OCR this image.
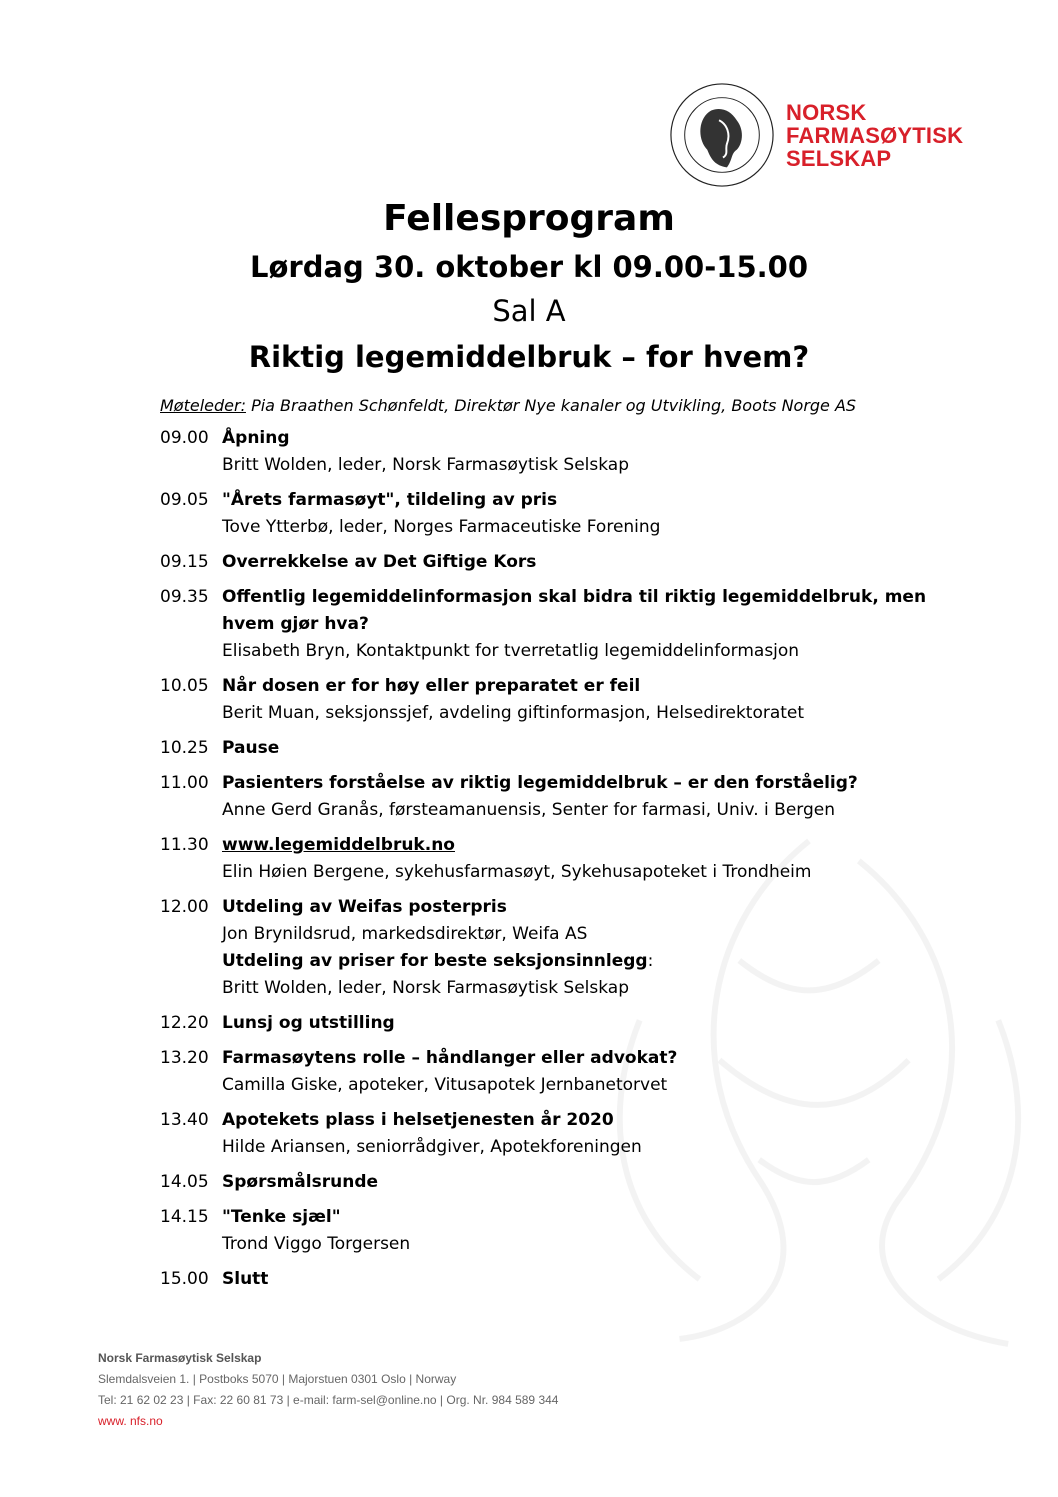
NORSK
FARMASØYTISK
SELSKAP
Fellesprogram
Lørdag 30. oktober kl 09.00-15.00
Sal A
Riktig legemiddelbruk – for hvem?
Møteleder: Pia Braathen Schønfeldt, Direktør Nye kanaler og Utvikling, Boots Norge AS
09.00 Åpning
Britt Wolden, leder, Norsk Farmasøytisk Selskap
09.05 "Årets farmasøyt", tildeling av pris
Tove Ytterbø, leder, Norges Farmaceutiske Forening
09.15 Overrekkelse av Det Giftige Kors
09.35 Offentlig legemiddelinformasjon skal bidra til riktig legemiddelbruk, men hvem gjør hva?
Elisabeth Bryn, Kontaktpunkt for tverretatlig legemiddelinformasjon
10.05 Når dosen er for høy eller preparatet er feil
Berit Muan, seksjonssjef, avdeling giftinformasjon, Helsedirektoratet
10.25 Pause
11.00 Pasienters forståelse av riktig legemiddelbruk – er den forståelig?
Anne Gerd Granås, førsteamanuensis, Senter for farmasi, Univ. i Bergen
11.30 www.legemiddelbruk.no
Elin Høien Bergene, sykehusfarmasøyt, Sykehusapoteket i Trondheim
12.00 Utdeling av Weifas posterpris
Jon Brynildsrud, markedsdirektør, Weifa AS
Utdeling av priser for beste seksjonsinnlegg:
Britt Wolden, leder, Norsk Farmasøytisk Selskap
12.20 Lunsj og utstilling
13.20 Farmasøytens rolle – håndlanger eller advokat?
Camilla Giske, apoteker, Vitusapotek Jernbanetorvet
13.40 Apotekets plass i helsetjenesten år 2020
Hilde Ariansen, seniorrådgiver, Apotekforeningen
14.05 Spørsmålsrunde
14.15 "Tenke sjæl"
Trond Viggo Torgersen
15.00 Slutt
Norsk Farmasøytisk Selskap
Slemdalsveien 1. | Postboks 5070 | Majorstuen 0301 Oslo | Norway
Tel: 21 62 02 23 | Fax: 22 60 81 73 | e-mail: farm-sel@online.no | Org. Nr. 984 589 344
www. nfs.no
